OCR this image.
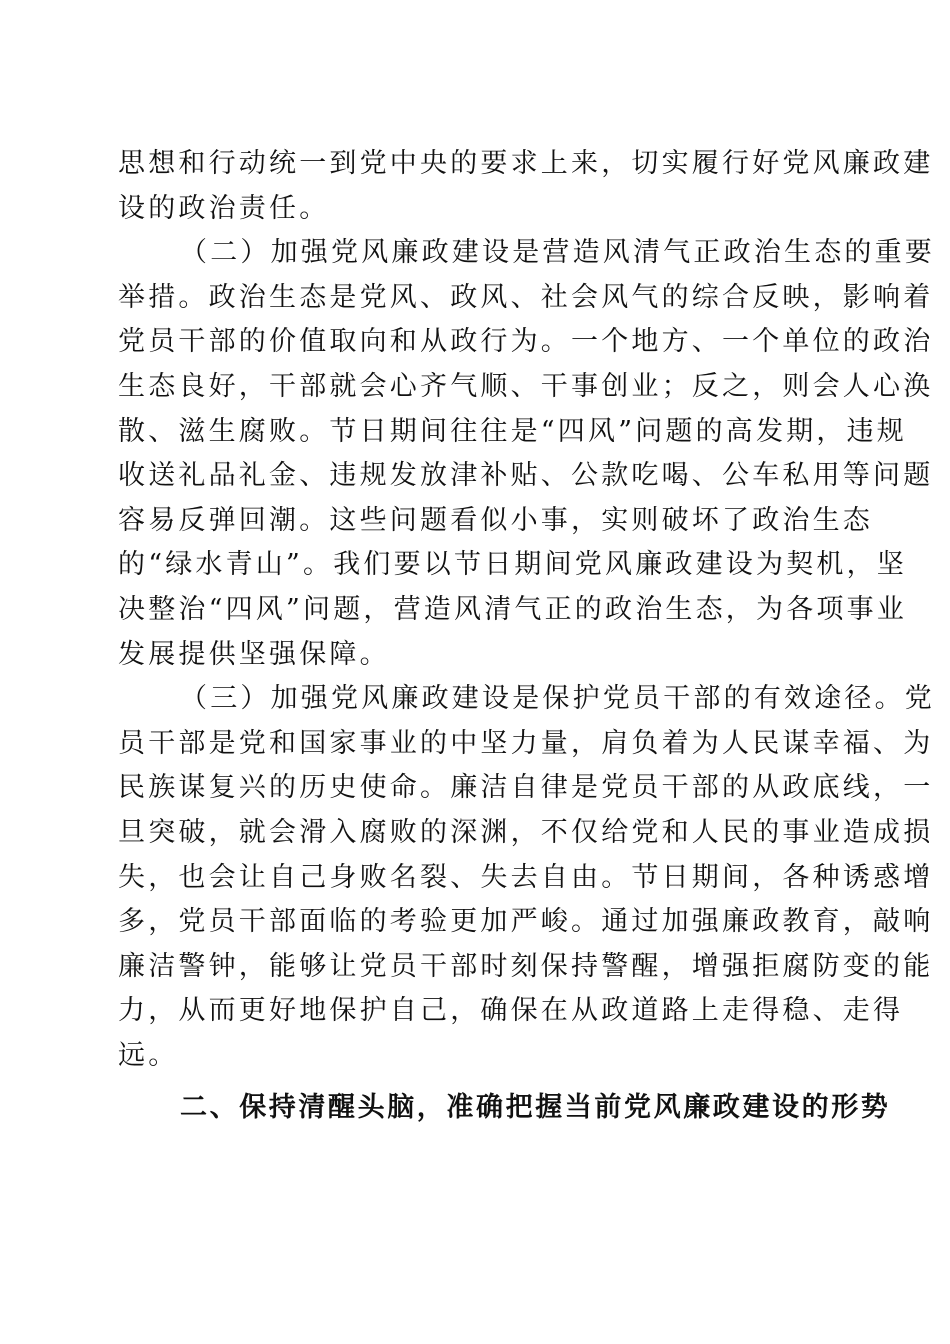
思想和行动统一到党中央的要求上来，切实履行好党风廉政建
设的政治责任。
（二）加强党风廉政建设是营造风清气正政治生态的重要
举措。政治生态是党风、政风、社会风气的综合反映，影响着
党员干部的价值取向和从政行为。一个地方、一个单位的政治
生态良好，干部就会心齐气顺、干事创业；反之，则会人心涣
散、滋生腐败。节日期间往往是“四风”问题的高发期，违规
收送礼品礼金、违规发放津补贴、公款吃喝、公车私用等问题
容易反弹回潮。这些问题看似小事，实则破坏了政治生态
的“绿水青山”。我们要以节日期间党风廉政建设为契机，坚
决整治“四风”问题，营造风清气正的政治生态，为各项事业
发展提供坚强保障。
（三）加强党风廉政建设是保护党员干部的有效途径。党
员干部是党和国家事业的中坚力量，肩负着为人民谋幸福、为
民族谋复兴的历史使命。廉洁自律是党员干部的从政底线，一
旦突破，就会滑入腐败的深渊，不仅给党和人民的事业造成损
失，也会让自己身败名裂、失去自由。节日期间，各种诱惑增
多，党员干部面临的考验更加严峻。通过加强廉政教育，敲响
廉洁警钟，能够让党员干部时刻保持警醒，增强拒腐防变的能
力，从而更好地保护自己，确保在从政道路上走得稳、走得
远。
二、保持清醒头脑，准确把握当前党风廉政建设的形势
